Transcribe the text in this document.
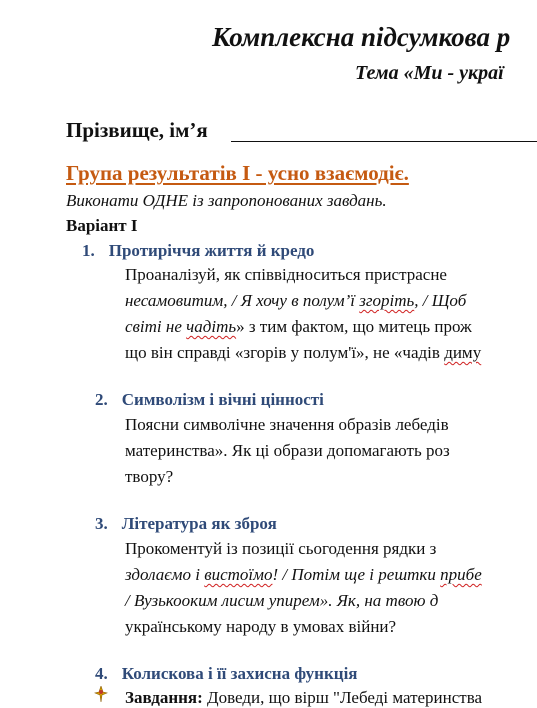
Комплексна підсумкова р
Тема «Ми - украї
Прізвище, ім’я
Група результатів І - усно взаємодіє.
Виконати ОДНЕ із запропонованих завдань.
Варіант І
1. Протиріччя життя й кредо
Проаналізуй, як співвідноситься пристрасне
несамовитим, / Я хочу в полум’ї згоріть, / Щоб
світі не чадіть» з тим фактом, що митець прож
що він справді «згорів у полум'ї», не «чадів диму
2. Символізм і вічні цінності
Поясни символічне значення образів лебедів
материнства». Як ці образи допомагають роз
твору?
3. Література як зброя
Прокоментуй із позиції сьогодення рядки з
здолаємо і вистоїмо! / Потім ще і рештки прибе
/ Вузькооким лисим упирем». Як, на твою д
українському народу в умовах війни?
4. Колискова і її захисна функція
Завдання: Доведи, що вірш "Лебеді материнства
